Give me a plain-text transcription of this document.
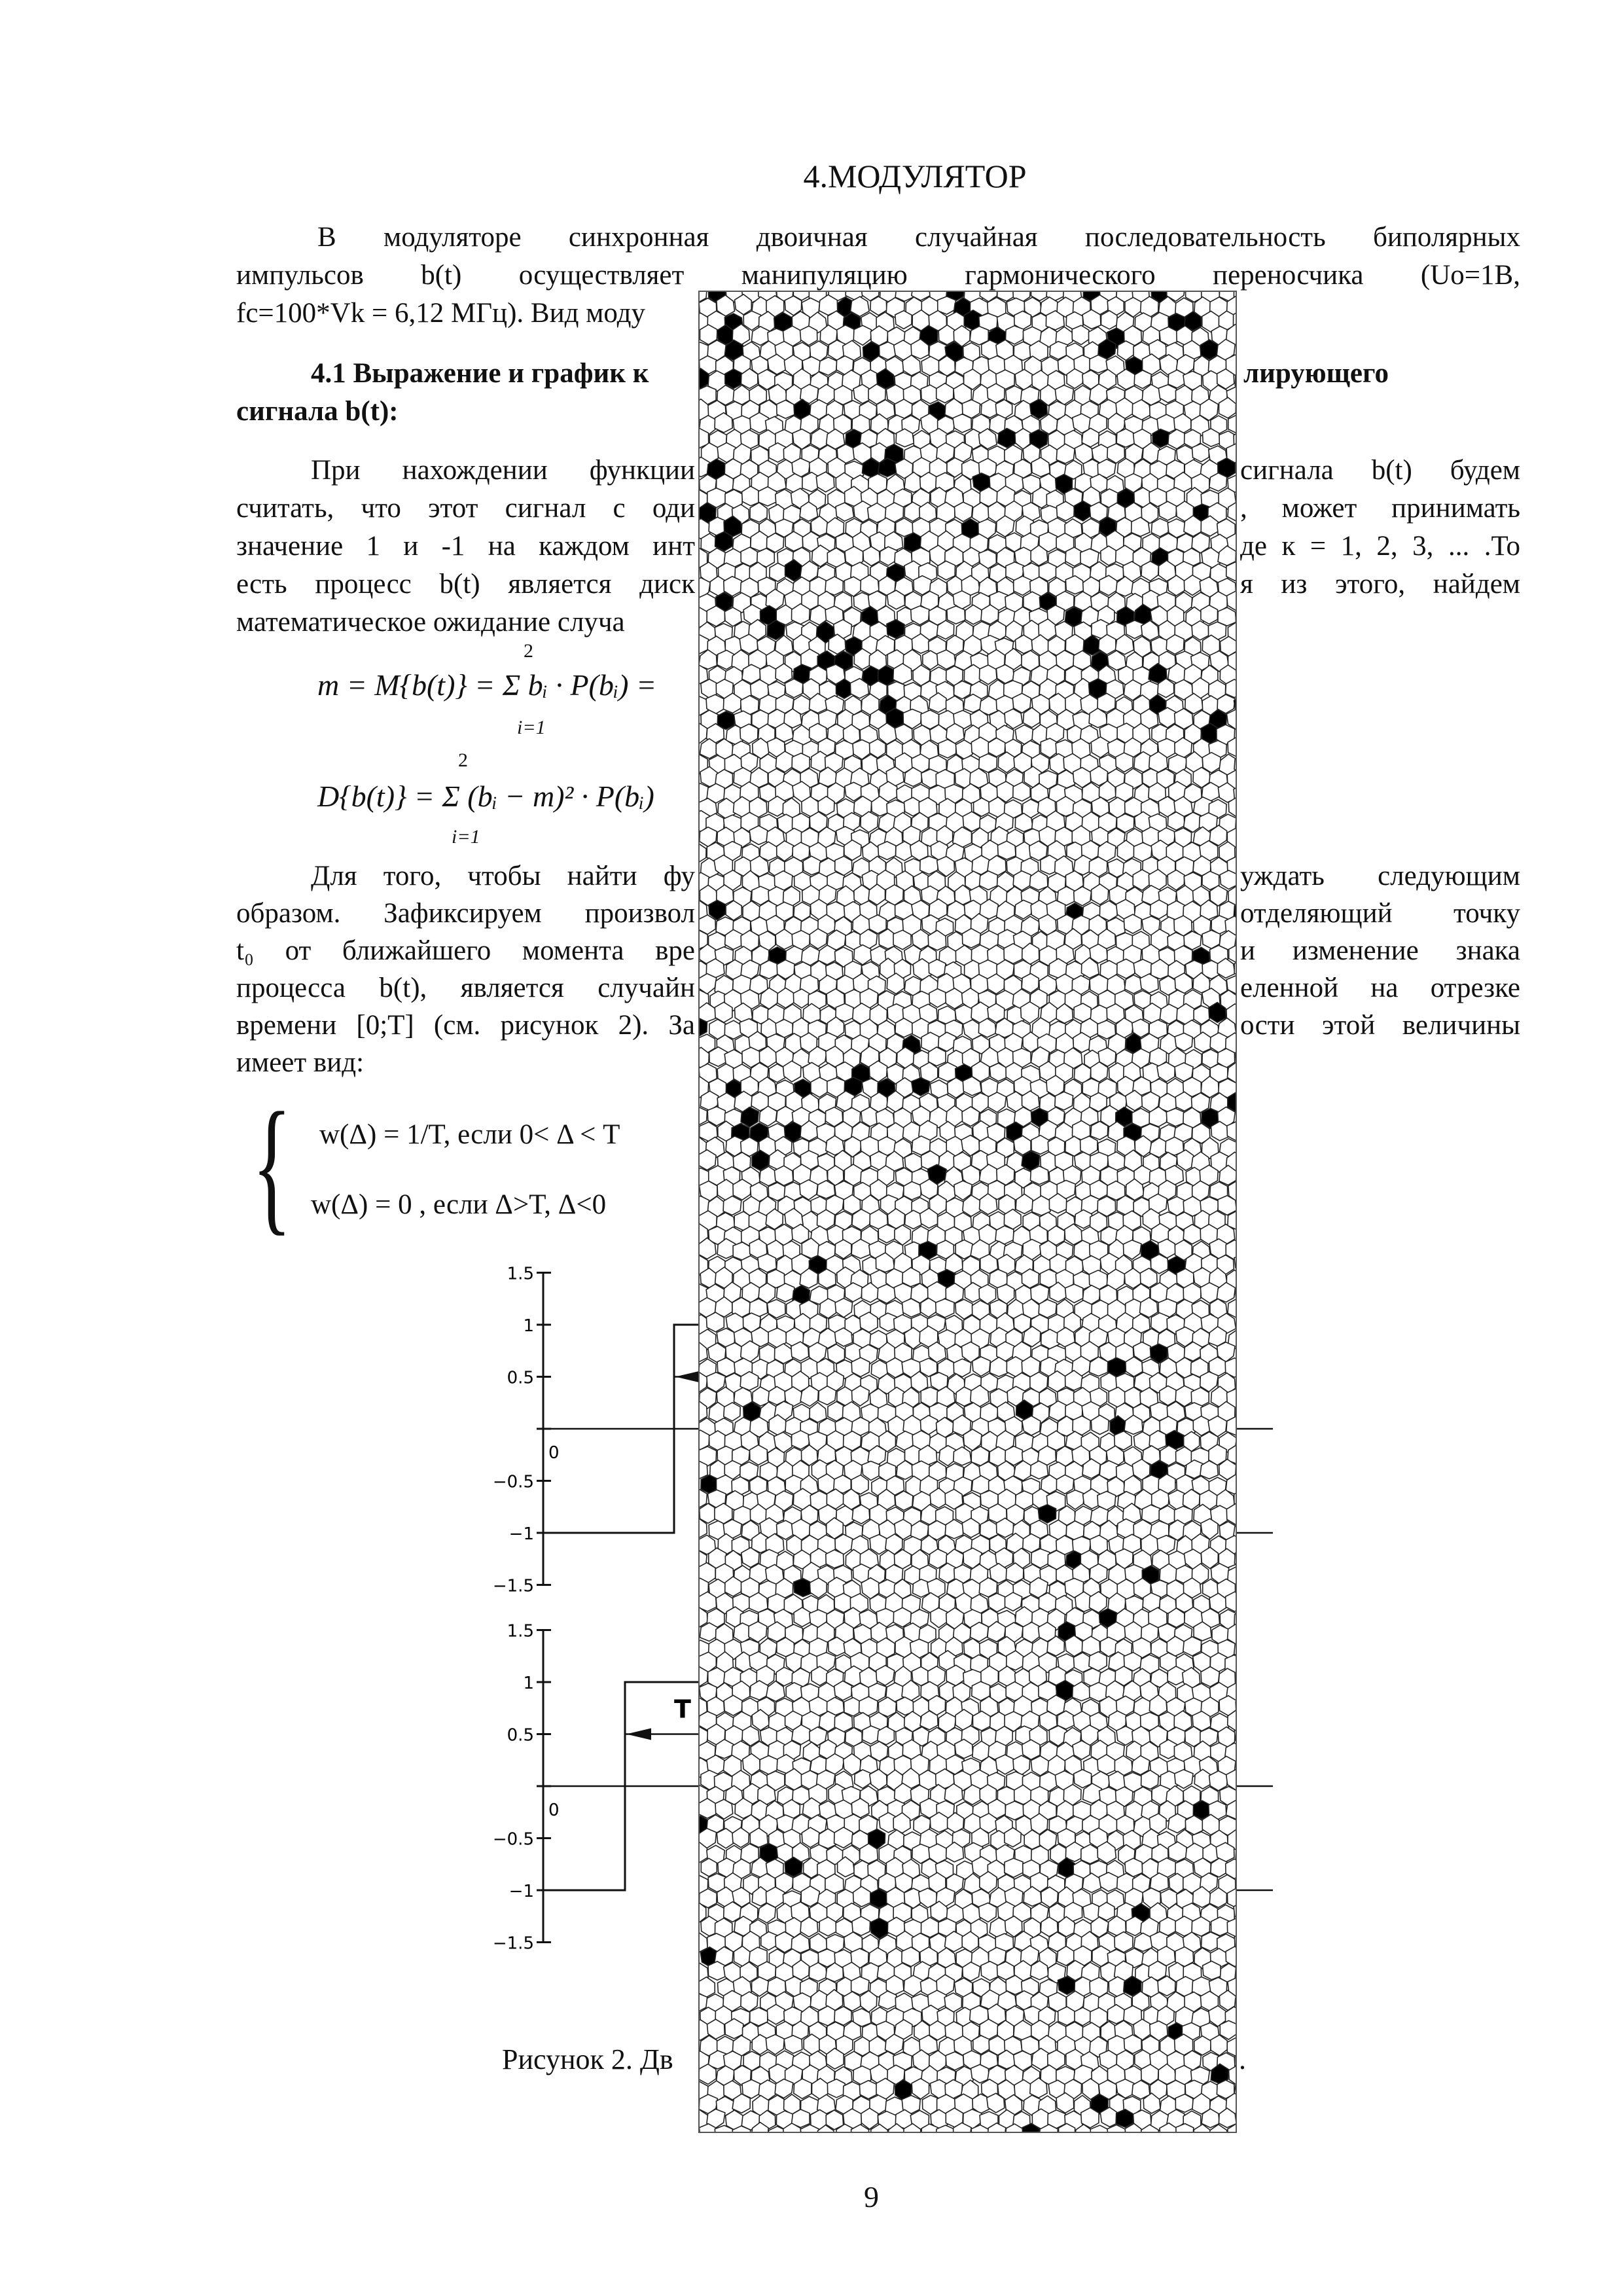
4.МОДУЛЯТОР
В модуляторе синхронная двоичная случайная последовательность биполярных
импульсов b(t) осуществляет манипуляцию гармонического переносчика (Uo=1В,
fc=100*Vk = 6,12 МГц). Вид моду
4.1 Выражение и график к	лирующего
сигнала b(t):
При нахождении функции	сигнала b(t) будем
считать, что этот сигнал с оди	, может принимать
значение 1 и -1 на каждом инт	де к = 1, 2, 3, ... .То
есть процесс b(t) является диск	я из этого, найдем
математическое ожидание случа
m = M{b(t)} = Σ bᵢ · P(bᵢ) =
2
i=1
D{b(t)} = Σ (bᵢ − m)² · P(bᵢ)
2
i=1
Для того, чтобы найти фу	уждать следующим
образом. Зафиксируем произвол	отделяющий точку
t₀ от ближайшего момента вре	и изменение знака
процесса b(t), является случайн	еленной на отрезке
времени [0;T] (см. рисунок 2). За	ости этой величины
имеет вид:
{ w(Δ) = 1/T, если 0< Δ < T
w(Δ) = 0 , если Δ>T, Δ<0
1.5
1
0.5
0
−0.5
−1
−1.5
1.5
1
0.5
0
−0.5
−1
−1.5
T
Рисунок 2. Дв	.
9
